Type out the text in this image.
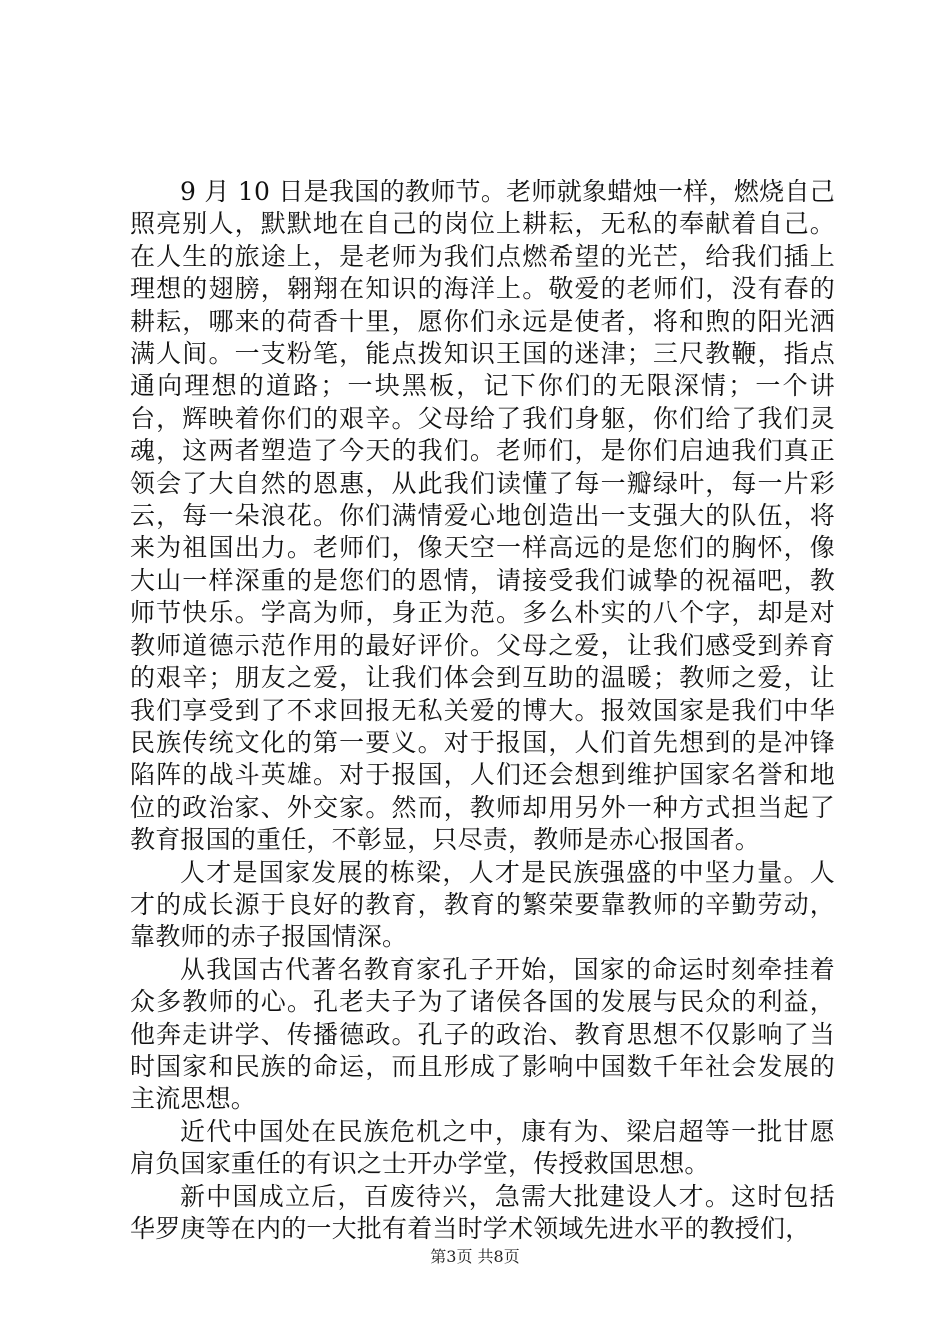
9 月 10 日是我国的教师节。老师就象蜡烛一样，燃烧自己照亮别人，默默地在自己的岗位上耕耘，无私的奉献着自己。在人生的旅途上，是老师为我们点燃希望的光芒，给我们插上理想的翅膀，翱翔在知识的海洋上。敬爱的老师们，没有春的耕耘，哪来的荷香十里，愿你们永远是使者，将和煦的阳光洒满人间。一支粉笔，能点拨知识王国的迷津；三尺教鞭，指点通向理想的道路；一块黑板，记下你们的无限深情；一个讲台，辉映着你们的艰辛。父母给了我们身躯，你们给了我们灵魂，这两者塑造了今天的我们。老师们，是你们启迪我们真正领会了大自然的恩惠，从此我们读懂了每一瓣绿叶，每一片彩云，每一朵浪花。你们满情爱心地创造出一支强大的队伍，将来为祖国出力。老师们，像天空一样高远的是您们的胸怀，像大山一样深重的是您们的恩情，请接受我们诚挚的祝福吧，教师节快乐。学高为师，身正为范。多么朴实的八个字，却是对教师道德示范作用的最好评价。父母之爱，让我们感受到养育的艰辛；朋友之爱，让我们体会到互助的温暖；教师之爱，让我们享受到了不求回报无私关爱的博大。报效国家是我们中华民族传统文化的第一要义。对于报国，人们首先想到的是冲锋陷阵的战斗英雄。对于报国，人们还会想到维护国家名誉和地位的政治家、外交家。然而，教师却用另外一种方式担当起了教育报国的重任，不彰显，只尽责，教师是赤心报国者。

人才是国家发展的栋梁，人才是民族强盛的中坚力量。人才的成长源于良好的教育，教育的繁荣要靠教师的辛勤劳动，靠教师的赤子报国情深。

从我国古代著名教育家孔子开始，国家的命运时刻牵挂着众多教师的心。孔老夫子为了诸侯各国的发展与民众的利益，他奔走讲学、传播德政。孔子的政治、教育思想不仅影响了当时国家和民族的命运，而且形成了影响中国数千年社会发展的主流思想。

近代中国处在民族危机之中，康有为、梁启超等一批甘愿肩负国家重任的有识之士开办学堂，传授救国思想。

新中国成立后，百废待兴，急需大批建设人才。这时包括华罗庚等在内的一大批有着当时学术领域先进水平的教授们，

第3页 共8页
